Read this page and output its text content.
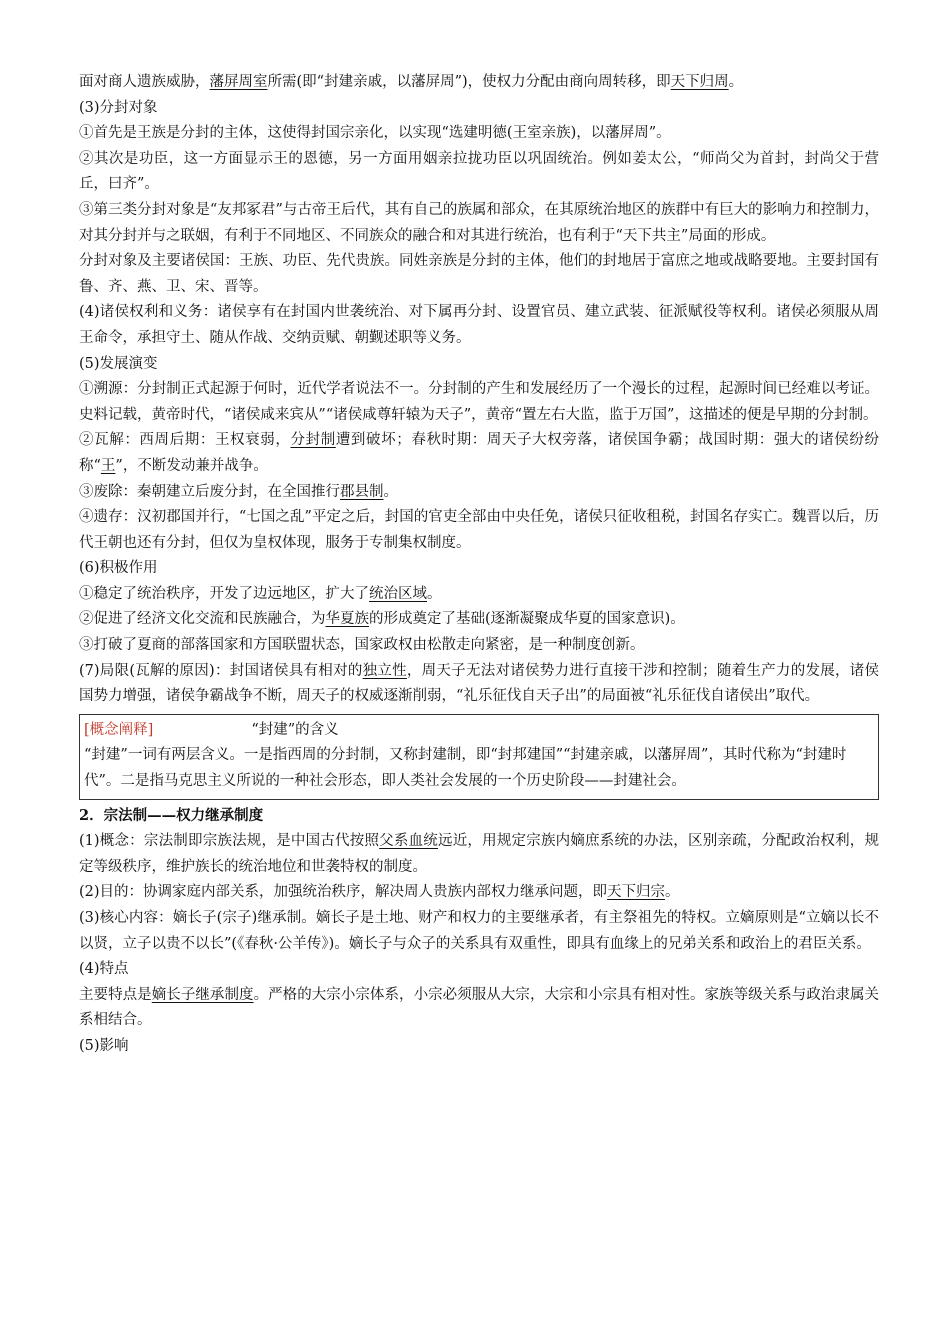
面对商人遗族威胁，藩屏周室所需(即“封建亲戚，以藩屏周”)，使权力分配由商向周转移，即天下归周。

(3)分封对象

①首先是王族是分封的主体，这使得封国宗亲化，以实现“选建明德(王室亲族)，以藩屏周”。

②其次是功臣，这一方面显示王的恩德，另一方面用姻亲拉拢功臣以巩固统治。例如姜太公，“师尚父为首封，封尚父于营丘，曰齐”。

③第三类分封对象是“友邦冢君”与古帝王后代，其有自己的族属和部众，在其原统治地区的族群中有巨大的影响力和控制力，对其分封并与之联姻，有利于不同地区、不同族众的融合和对其进行统治，也有利于“天下共主”局面的形成。

分封对象及主要诸侯国：王族、功臣、先代贵族。同姓亲族是分封的主体，他们的封地居于富庶之地或战略要地。主要封国有鲁、齐、燕、卫、宋、晋等。

(4)诸侯权利和义务：诸侯享有在封国内世袭统治、对下属再分封、设置官员、建立武装、征派赋役等权利。诸侯必须服从周王命令，承担守土、随从作战、交纳贡赋、朝觐述职等义务。

(5)发展演变

①溯源：分封制正式起源于何时，近代学者说法不一。分封制的产生和发展经历了一个漫长的过程，起源时间已经难以考证。史料记载，黄帝时代，“诸侯咸来宾从”“诸侯咸尊轩辕为天子”，黄帝“置左右大监，监于万国”，这描述的便是早期的分封制。

②瓦解：西周后期：王权衰弱，分封制遭到破坏；春秋时期：周天子大权旁落，诸侯国争霸；战国时期：强大的诸侯纷纷称“王”，不断发动兼并战争。

③废除：秦朝建立后废分封，在全国推行郡县制。

④遗存：汉初郡国并行，“七国之乱”平定之后，封国的官吏全部由中央任免，诸侯只征收租税，封国名存实亡。魏晋以后，历代王朝也还有分封，但仅为皇权体现，服务于专制集权制度。

(6)积极作用

①稳定了统治秩序，开发了边远地区，扩大了统治区域。

②促进了经济文化交流和民族融合，为华夏族的形成奠定了基础(逐渐凝聚成华夏的国家意识)。

③打破了夏商的部落国家和方国联盟状态，国家政权由松散走向紧密，是一种制度创新。

(7)局限(瓦解的原因)：封国诸侯具有相对的独立性，周天子无法对诸侯势力进行直接干涉和控制；随着生产力的发展，诸侯国势力增强，诸侯争霸战争不断，周天子的权威逐渐削弱，“礼乐征伐自天子出”的局面被“礼乐征伐自诸侯出”取代。

[概念阐释]	“封建”的含义
“封建”一词有两层含义。一是指西周的分封制，又称封建制，即“封邦建国”“封建亲戚，以藩屏周”，其时代称为“封建时代”。二是指马克思主义所说的一种社会形态，即人类社会发展的一个历史阶段——封建社会。

2．宗法制——权力继承制度

(1)概念：宗法制即宗族法规，是中国古代按照父系血统远近，用规定宗族内嫡庶系统的办法，区别亲疏，分配政治权利，规定等级秩序，维护族长的统治地位和世袭特权的制度。

(2)目的：协调家庭内部关系，加强统治秩序，解决周人贵族内部权力继承问题，即天下归宗。

(3)核心内容：嫡长子(宗子)继承制。嫡长子是土地、财产和权力的主要继承者，有主祭祖先的特权。立嫡原则是“立嫡以长不以贤，立子以贵不以长”(《春秋·公羊传》)。嫡长子与众子的关系具有双重性，即具有血缘上的兄弟关系和政治上的君臣关系。

(4)特点

主要特点是嫡长子继承制度。严格的大宗小宗体系，小宗必须服从大宗，大宗和小宗具有相对性。家族等级关系与政治隶属关系相结合。

(5)影响
